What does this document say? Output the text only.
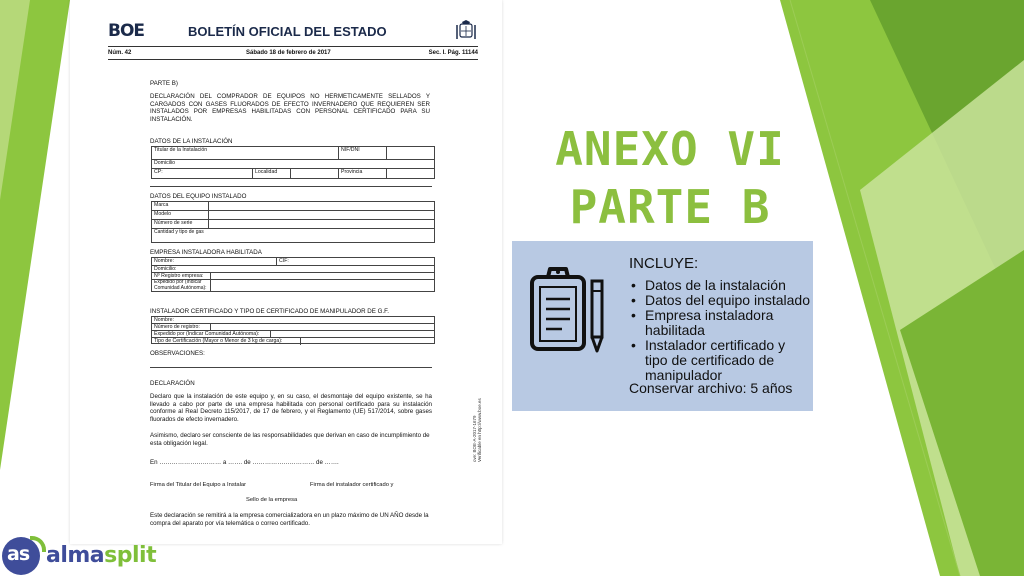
BOE	BOLETÍN OFICIAL DEL ESTADO
Núm. 42	Sábado 18 de febrero de 2017	Sec. I. Pág. 11144
PARTE B)
DECLARACIÓN DEL COMPRADOR DE EQUIPOS NO HERMETICAMENTE SELLADOS Y CARGADOS CON GASES FLUORADOS DE EFECTO INVERNADERO QUE REQUIEREN SER INSTALADOS POR EMPRESAS HABILITADAS CON PERSONAL CERTIFICADO PARA SU INSTALACIÓN.
DATOS DE LA INSTALACIÓN
Titular de la Instalación	NIF/DNI
Domicilio
CP:	Localidad	Provincia
DATOS DEL EQUIPO INSTALADO
Marca
Modelo
Número de serie
Cantidad y tipo de gas
EMPRESA INSTALADORA HABILITADA
Nombre:	CIF:
Domicilio:
Nº Registro empresa:
Expedido por (Indicar Comunidad Autónoma):
INSTALADOR CERTIFICADO Y TIPO DE CERTIFICADO DE MANIPULADOR DE G.F.
Nombre:
Número de registro:
Expedido por (Indicar Comunidad Autónoma):
Tipo de Certificación (Mayor o Menor de 3 kg de carga):
OBSERVACIONES:
DECLARACIÓN
Declaro que la instalación de este equipo y, en su caso, el desmontaje del equipo existente, se ha llevado a cabo por parte de una empresa habilitada con personal certificado para su instalación conforme al Real Decreto 115/2017, de 17 de febrero, y el Reglamento (UE) 517/2014, sobre gases fluorados de efecto invernadero.
Asimismo, declaro ser consciente de las responsabilidades que derivan en caso de incumplimiento de esta obligación legal.
En ………………………… a ……. de ………………………… de …….
Firma del Titular del Equipo a Instalar	Firma del instalador certificado y
Sello de la empresa
Este declaración se remitirá a la empresa comercializadora en un plazo máximo de UN AÑO desde la compra del aparato por vía telemática o correo certificado.
cve: BOE-A-2017-1679 Verificable en http://www.boe.es
ANEXO VI
PARTE B
INCLUYE:
• Datos de la instalación
• Datos del equipo instalado
• Empresa instaladora habilitada
• Instalador certificado y tipo de certificado de manipulador
Conservar archivo: 5 años
as almasplit
